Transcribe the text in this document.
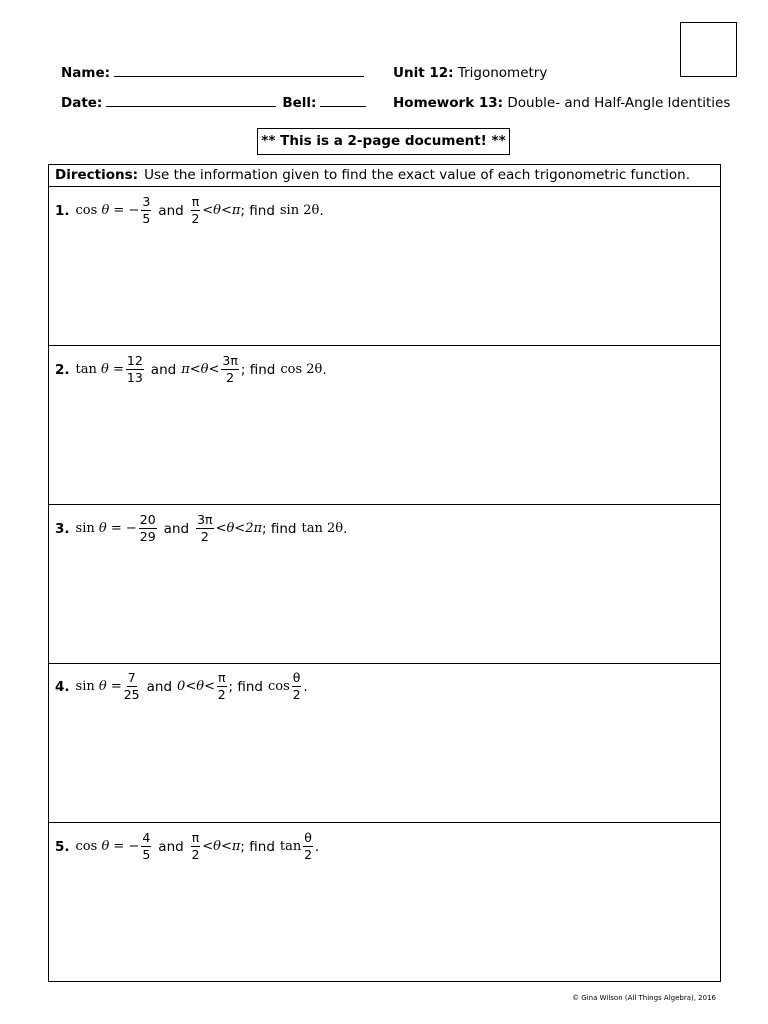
Name:
Date:	Bell:
Unit 12: Trigonometry
Homework 13: Double- and Half-Angle Identities
** This is a 2-page document! **
Directions: Use the information given to find the exact value of each trigonometric function.
1. cos θ = − $\frac{3}{5}$ and $\frac{\pi}{2} < \theta < \pi$ ; find sin 2θ .
2. $\tan \theta = \frac{12}{13}$ and $\pi < \theta < \frac{3\pi}{2}$ ; find cos 2θ .
3. sin θ = − $\frac{20}{29}$ and $\frac{3\pi}{2} < \theta < 2\pi$ ; find tan 2θ .
4. $\sin \theta = \frac{7}{25}$ and $0 < \theta < \frac{\pi}{2}$ ; find $\cos \frac{\theta}{2}$ .
5. cos θ = − $\frac{4}{5}$ and $\frac{\pi}{2} < \theta < \pi$ ; find $\tan \frac{\theta}{2}$ .
© Gina Wilson (All Things Algebra), 2016
